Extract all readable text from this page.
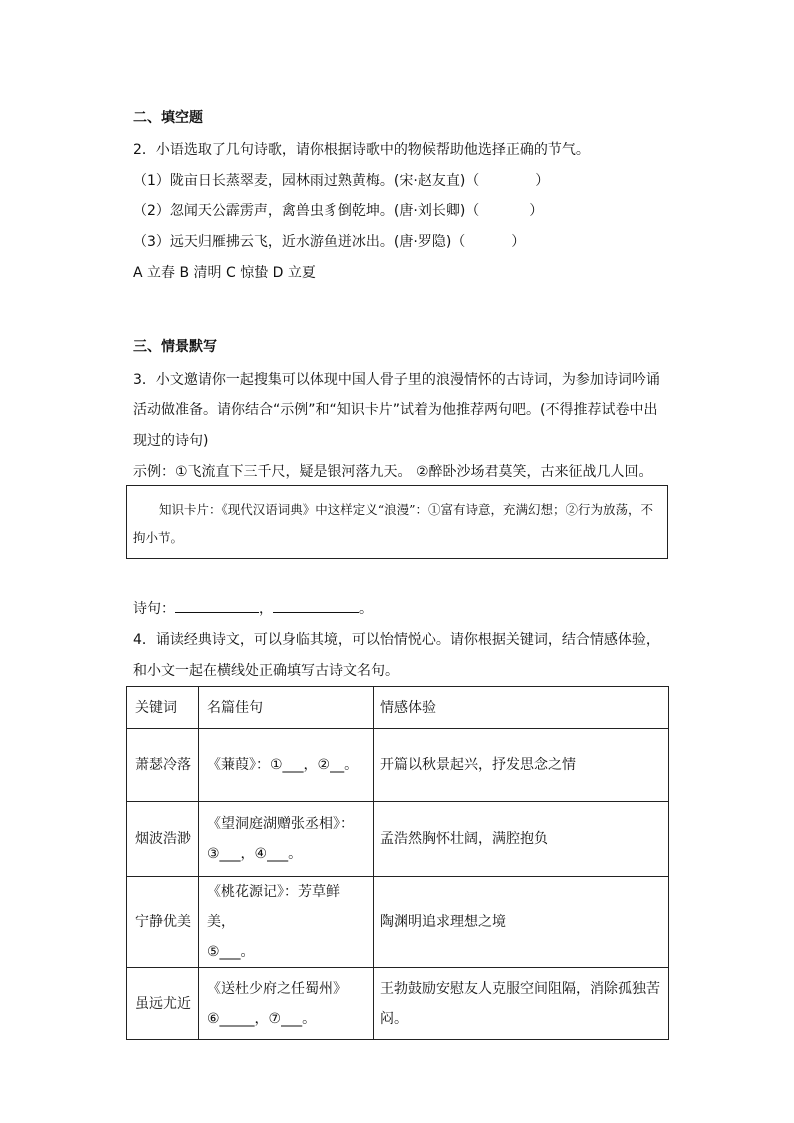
二、填空题
2．小语选取了几句诗歌，请你根据诗歌中的物候帮助他选择正确的节气。
（1）陇亩日长蒸翠麦，园林雨过熟黄梅。(宋·赵友直)（	）
（2）忽闻天公霹雳声，禽兽虫豸倒乾坤。(唐·刘长卿)（	）
（3）远天归雁拂云飞，近水游鱼迸冰出。(唐·罗隐)（	）
A 立春 B 清明 C 惊蛰 D 立夏
三、情景默写
3．小文邀请你一起搜集可以体现中国人骨子里的浪漫情怀的古诗词，为参加诗词吟诵
活动做准备。请你结合“示例”和“知识卡片”试着为他推荐两句吧。(不得推荐试卷中出
现过的诗句)
示例：①飞流直下三千尺，疑是银河落九天。 ②醉卧沙场君莫笑，古来征战几人回。
知识卡片：《现代汉语词典》中这样定义“浪漫”：①富有诗意，充满幻想；②行为放荡，不拘小节。
诗句：	，	。
4．诵读经典诗文，可以身临其境，可以怡情悦心。请你根据关键词，结合情感体验，
和小文一起在横线处正确填写古诗文名句。
关键词	名篇佳句	情感体验
萧瑟冷落	《蒹葭》：①___，②__。	开篇以秋景起兴，抒发思念之情
烟波浩渺	《望洞庭湖赠张丞相》：
③___，④___。	孟浩然胸怀壮阔，满腔抱负
宁静优美	《桃花源记》：芳草鲜美，
⑤___。	陶渊明追求理想之境
虽远尤近	《送杜少府之任蜀州》
⑥_____，⑦___。	王勃鼓励安慰友人克服空间阻隔，消除孤独苦闷。
